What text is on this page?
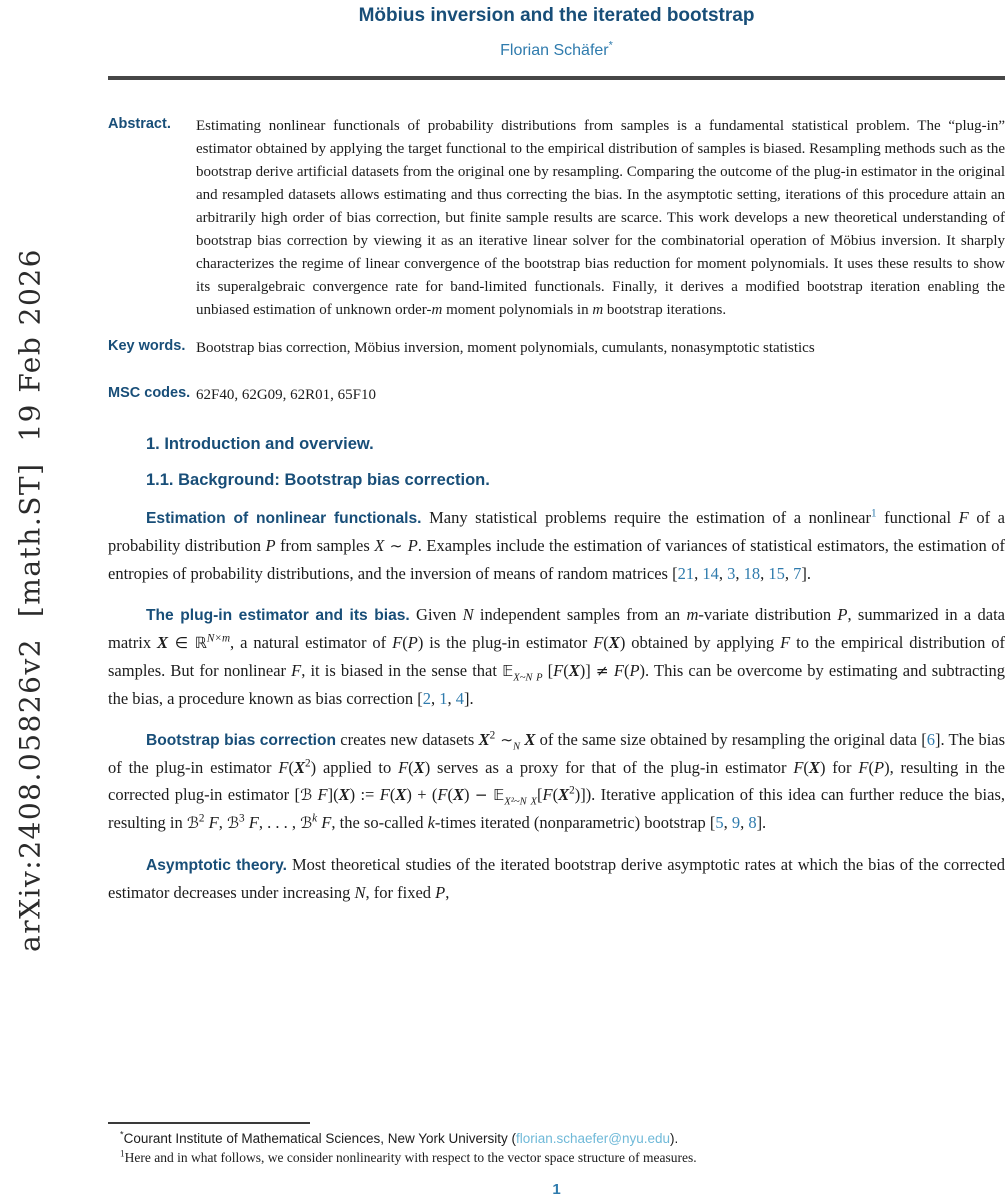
arXiv:2408.05826v2  [math.ST]  19 Feb 2026
Möbius inversion and the iterated bootstrap
Florian Schäfer*
Abstract. Estimating nonlinear functionals of probability distributions from samples is a fundamental statistical problem. The “plug-in” estimator obtained by applying the target functional to the empirical distribution of samples is biased. Resampling methods such as the bootstrap derive artificial datasets from the original one by resampling. Comparing the outcome of the plug-in estimator in the original and resampled datasets allows estimating and thus correcting the bias. In the asymptotic setting, iterations of this procedure attain an arbitrarily high order of bias correction, but finite sample results are scarce. This work develops a new theoretical understanding of bootstrap bias correction by viewing it as an iterative linear solver for the combinatorial operation of Möbius inversion. It sharply characterizes the regime of linear convergence of the bootstrap bias reduction for moment polynomials. It uses these results to show its superalgebraic convergence rate for band-limited functionals. Finally, it derives a modified bootstrap iteration enabling the unbiased estimation of unknown order-m moment polynomials in m bootstrap iterations.
Key words. Bootstrap bias correction, Möbius inversion, moment polynomials, cumulants, nonasymptotic statistics
MSC codes. 62F40, 62G09, 62R01, 65F10
1. Introduction and overview.
1.1. Background: Bootstrap bias correction.

Estimation of nonlinear functionals. Many statistical problems require the estimation of a nonlinear$^1$ functional F of a probability distribution P from samples X ∼ P. Examples include the estimation of variances of statistical estimators, the estimation of entropies of probability distributions, and the inversion of means of random matrices [21, 14, 3, 18, 15, 7].

The plug-in estimator and its bias. Given N independent samples from an m-variate distribution P, summarized in a data matrix X ∈ ℝ$^{N\times m}$, a natural estimator of F(P) is the plug-in estimator F(X) obtained by applying F to the empirical distribution of samples. But for nonlinear F, it is biased in the sense that 𝔼$_{X\sim N P}$ [F(X)] ≠ F(P). This can be overcome by estimating and subtracting the bias, a procedure known as bias correction [2, 1, 4].

Bootstrap bias correction creates new datasets $X^2$ $\sim_N$ X of the same size obtained by resampling the original data [6]. The bias of the plug-in estimator $F(X^2)$ applied to F(X) serves as a proxy for that of the plug-in estimator F(X) for F(P), resulting in the corrected plug-in estimator [ℬ F](X) := $F(X) + (F(X) - 𝔼_{X^2\sim N X}[F(X^2)])$. Iterative application of this idea can further reduce the bias, resulting in ℬ$^2$ F, ℬ$^3$ F, . . . , ℬ$^k$ F, the so-called k-times iterated (nonparametric) bootstrap [5, 9, 8].

Asymptotic theory. Most theoretical studies of the iterated bootstrap derive asymptotic rates at which the bias of the corrected estimator decreases under increasing N, for fixed P,

*Courant Institute of Mathematical Sciences, New York University (florian.schaefer@nyu.edu).
$^1$Here and in what follows, we consider nonlinearity with respect to the vector space structure of measures.
1
